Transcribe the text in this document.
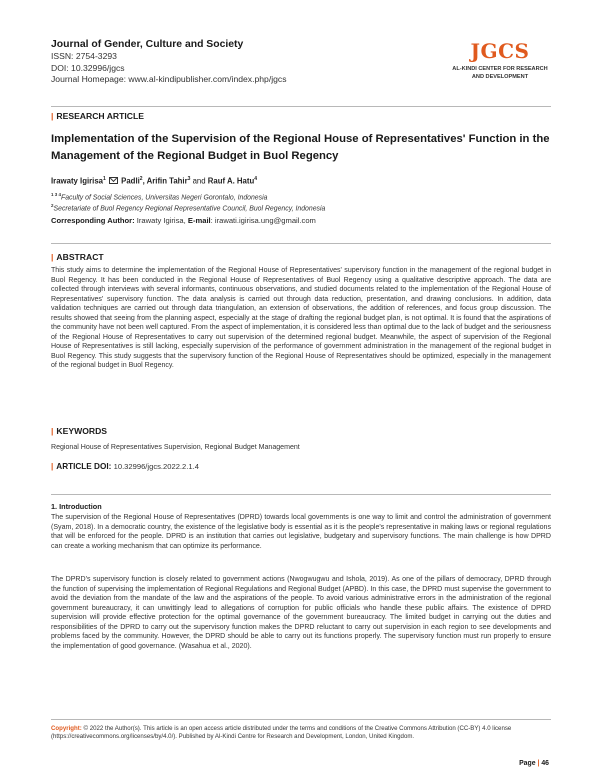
Journal of Gender, Culture and Society
ISSN: 2754-3293
DOI: 10.32996/jgcs
Journal Homepage: www.al-kindipublisher.com/index.php/jgcs
JGCS
AL-KINDI CENTER FOR RESEARCH
AND DEVELOPMENT
| RESEARCH ARTICLE
Implementation of the Supervision of the Regional House of Representatives' Function in the Management of the Regional Budget in Buol Regency
Irawaty Igirisa$^1$ Padli$^2$, Arifin Tahir$^3$ and Rauf A. Hatu$^4$
$^{1 3 4}$Faculty of Social Sciences, Universitas Negeri Gorontalo, Indonesia
$^2$Secretariate of Buol Regency Regional Representative Council, Buol Regency, Indonesia
Corresponding Author: Irawaty Igirisa, E-mail: irawati.igirisa.ung@gmail.com
| ABSTRACT
This study aims to determine the implementation of the Regional House of Representatives' supervisory function in the management of the regional budget in Buol Regency. It has been conducted in the Regional House of Representatives of Buol Regency using a qualitative descriptive approach. The data are collected through interviews with several informants, continuous observations, and studied documents related to the implementation of the Regional House of Representatives' supervisory function. The data analysis is carried out through data reduction, presentation, and drawing conclusions. In addition, data validation techniques are carried out through data triangulation, an extension of observations, the addition of references, and focus group discussion. The results showed that seeing from the planning aspect, especially at the stage of drafting the regional budget plan, is not optimal. It is found that the aspirations of the community have not been well captured. From the aspect of implementation, it is considered less than optimal due to the lack of budget and the seriousness of the Regional House of Representatives to carry out supervision of the determined regional budget. Meanwhile, the aspect of supervision of the Regional House of Representatives is still lacking, especially supervision of the performance of government administration in the management of the regional budget in Buol Regency. This study suggests that the supervisory function of the Regional House of Representatives should be optimized, especially in the management of the regional budget in Buol Regency.
| KEYWORDS
Regional House of Representatives Supervision, Regional Budget Management
| ARTICLE DOI: 10.32996/jgcs.2022.2.1.4
1. Introduction
The supervision of the Regional House of Representatives (DPRD) towards local governments is one way to limit and control the administration of government (Syam, 2018). In a democratic country, the existence of the legislative body is essential as it is the people's representative in making laws or regional regulations that will be enforced for the people. DPRD is an institution that carries out legislative, budgetary and supervisory functions. The main challenge is how DPRD can create a working mechanism that can optimize its performance.
The DPRD's supervisory function is closely related to government actions (Nwogwugwu and Ishola, 2019). As one of the pillars of democracy, DPRD through the function of supervising the implementation of Regional Regulations and Regional Budget (APBD). In this case, the DPRD must supervise the government to avoid the deviation from the mandate of the law and the aspirations of the people. To avoid various administrative errors in the administration of the regional government bureaucracy, it can unwittingly lead to allegations of corruption for public officials who handle these public affairs. The existence of DPRD supervision will provide effective protection for the optimal governance of the government bureaucracy. The limited budget in carrying out the duties and responsibilities of the DPRD to carry out the supervisory function makes the DPRD reluctant to carry out supervision in each region to see developments and problems faced by the community. However, the DPRD should be able to carry out its functions properly. The supervisory function must run properly to ensure the implementation of good governance. (Wasahua et al., 2020).
Copyright: © 2022 the Author(s). This article is an open access article distributed under the terms and conditions of the Creative Commons Attribution (CC-BY) 4.0 license (https://creativecommons.org/licenses/by/4.0/). Published by Al-Kindi Centre for Research and Development, London, United Kingdom.
Page | 46
